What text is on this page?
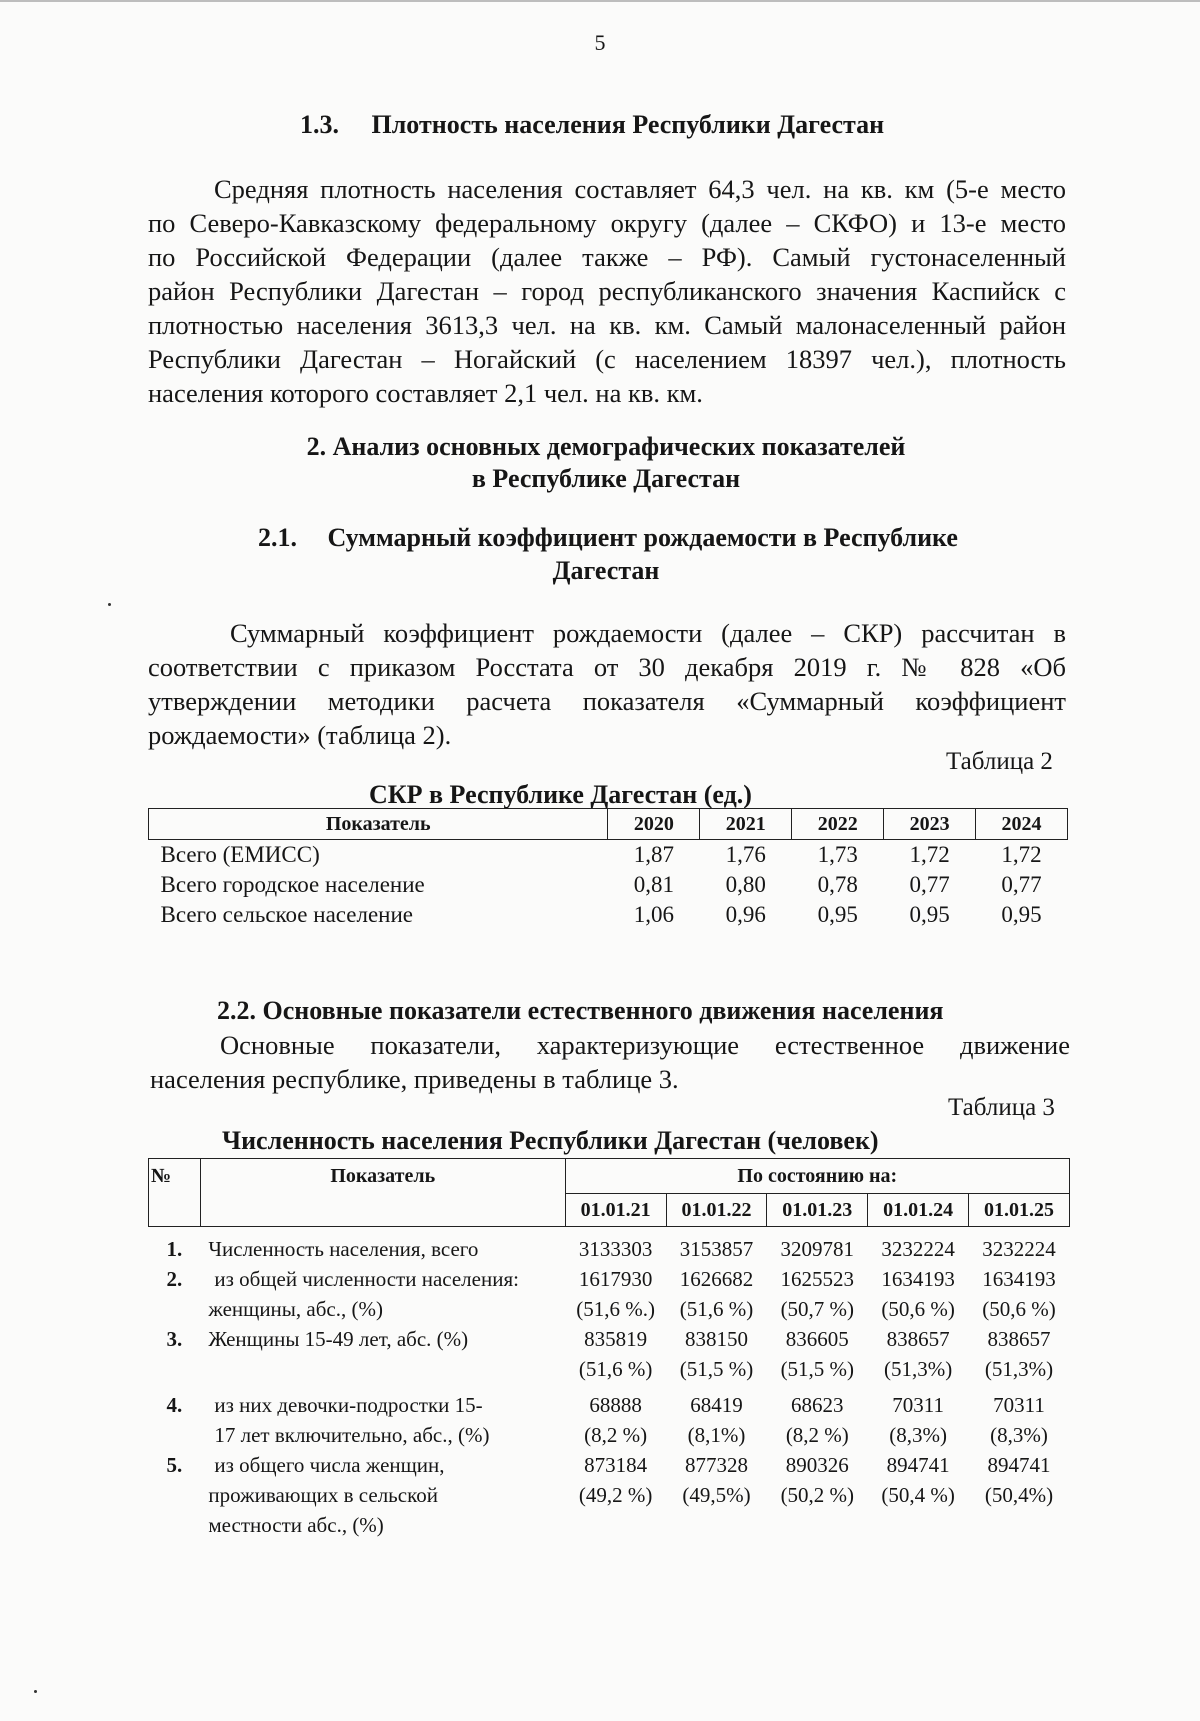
5
1.3. Плотность населения Республики Дагестан
Средняя плотность населения составляет 64,3 чел. на кв. км (5-е место
по Северо-Кавказскому федеральному округу (далее – СКФО) и 13-е место
по Российской Федерации (далее также – РФ). Самый густонаселенный
район Республики Дагестан – город республиканского значения Каспийск с
плотностью населения 3613,3 чел. на кв. км. Самый малонаселенный район
Республики Дагестан – Ногайский (с населением 18397 чел.), плотность
населения которого составляет 2,1 чел. на кв. км.
2. Анализ основных демографических показателей
в Республике Дагестан
2.1. Суммарный коэффициент рождаемости в Республике
Дагестан
Суммарный коэффициент рождаемости (далее – СКР) рассчитан в
соответствии с приказом Росстата от 30 декабря 2019 г. № 828 «Об
утверждении методики расчета показателя «Суммарный коэффициент
рождаемости» (таблица 2).
Таблица 2
СКР в Республике Дагестан (ед.)
Показатель	2020	2021	2022	2023	2024
Всего (ЕМИСС)	1,87	1,76	1,73	1,72	1,72
Всего городское население	0,81	0,80	0,78	0,77	0,77
Всего сельское население	1,06	0,96	0,95	0,95	0,95
2.2. Основные показатели естественного движения населения
Основные показатели, характеризующие естественное движение
населения республике, приведены в таблице 3.
Таблица 3
Численность населения Республики Дагестан (человек)
№	Показатель	По состоянию на:				
		01.01.21	01.01.22	01.01.23	01.01.24	01.01.25

1.	Численность населения, всего	3133303	3153857	3209781	3232224	3232224
2.	из общей численности населения:	1617930	1626682	1625523	1634193	1634193
	женщины, абс., (%)	(51,6 %.)	(51,6 %)	(50,7 %)	(50,6 %)	(50,6 %)
3.	Женщины 15-49 лет, абс. (%)	835819	838150	836605	838657	838657
		(51,6 %)	(51,5 %)	(51,5 %)	(51,3%)	(51,3%)

4.	из них девочки-подростки 15-	68888	68419	68623	70311	70311
	17 лет включительно, абс., (%)	(8,2 %)	(8,1%)	(8,2 %)	(8,3%)	(8,3%)
5.	из общего числа женщин,	873184	877328	890326	894741	894741
	проживающих в сельской	(49,2 %)	(49,5%)	(50,2 %)	(50,4 %)	(50,4%)
	местности абс., (%)					
